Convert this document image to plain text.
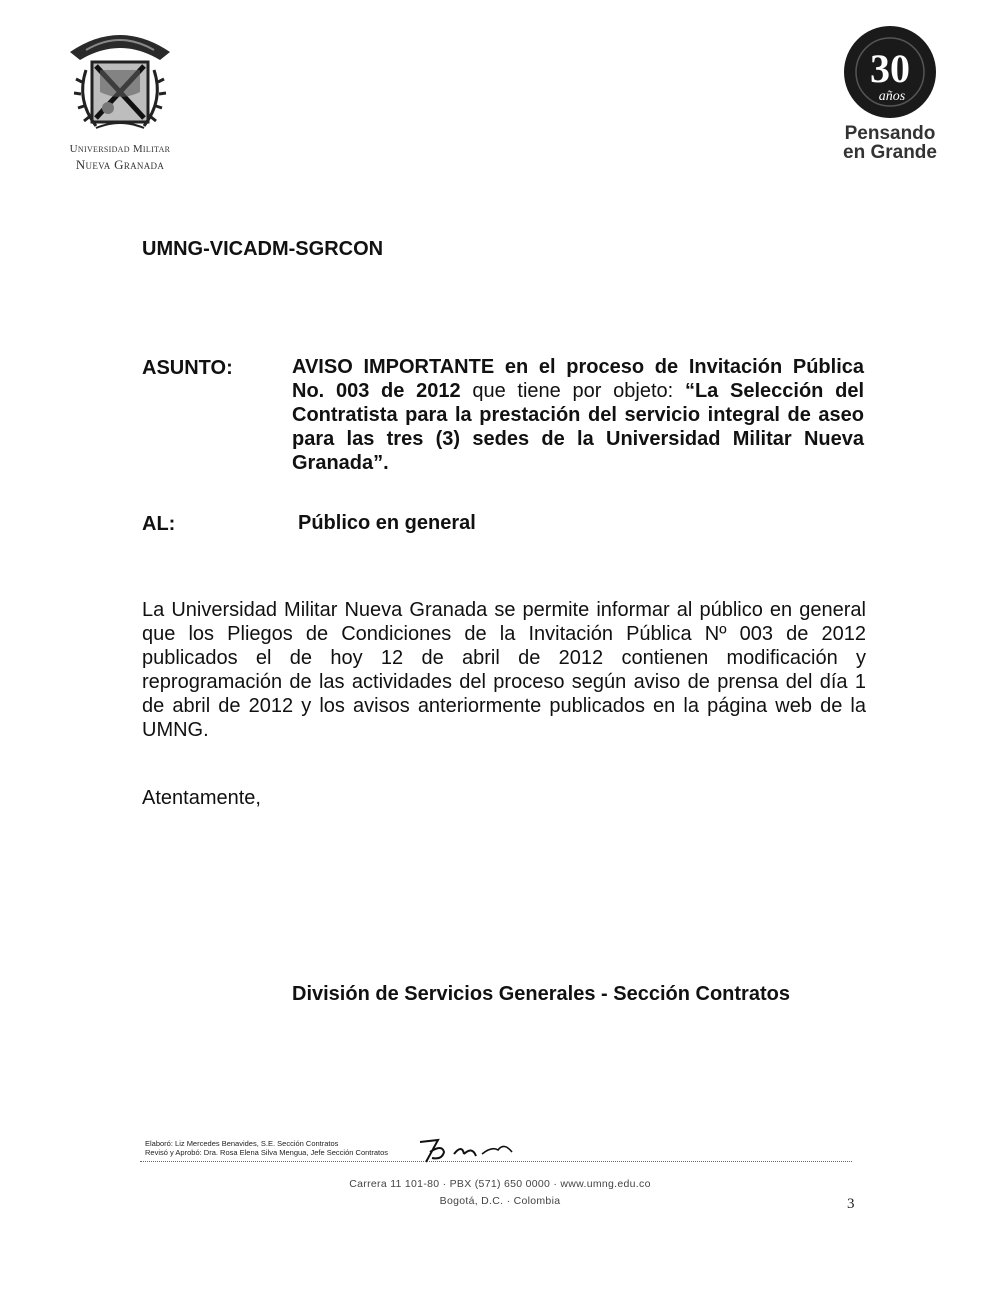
Universidad Militar
Nueva Granada
30
años
Pensando
en Grande
UMNG-VICADM-SGRCON
ASUNTO:	AVISO IMPORTANTE en el proceso de Invitación Pública No. 003 de 2012 que tiene por objeto: “La Selección del Contratista para la prestación del servicio integral de aseo para las tres (3) sedes de la Universidad Militar Nueva Granada”.
AL:	Público en general
La Universidad Militar Nueva Granada se permite informar al público en general que los Pliegos de Condiciones de la Invitación Pública Nº 003 de 2012 publicados el de hoy 12 de abril de 2012 contienen modificación y reprogramación de las actividades del proceso según aviso de prensa del día 1 de abril de 2012 y los avisos anteriormente publicados en la página web de la UMNG.
Atentamente,
División de Servicios Generales - Sección Contratos
Elaboró: Liz Mercedes Benavides, S.E. Sección Contratos
Revisó y Aprobó: Dra. Rosa Elena Silva Mengua, Jefe Sección Contratos
Carrera 11 101-80 · PBX (571) 650 0000 · www.umng.edu.co
Bogotá, D.C. · Colombia	3
